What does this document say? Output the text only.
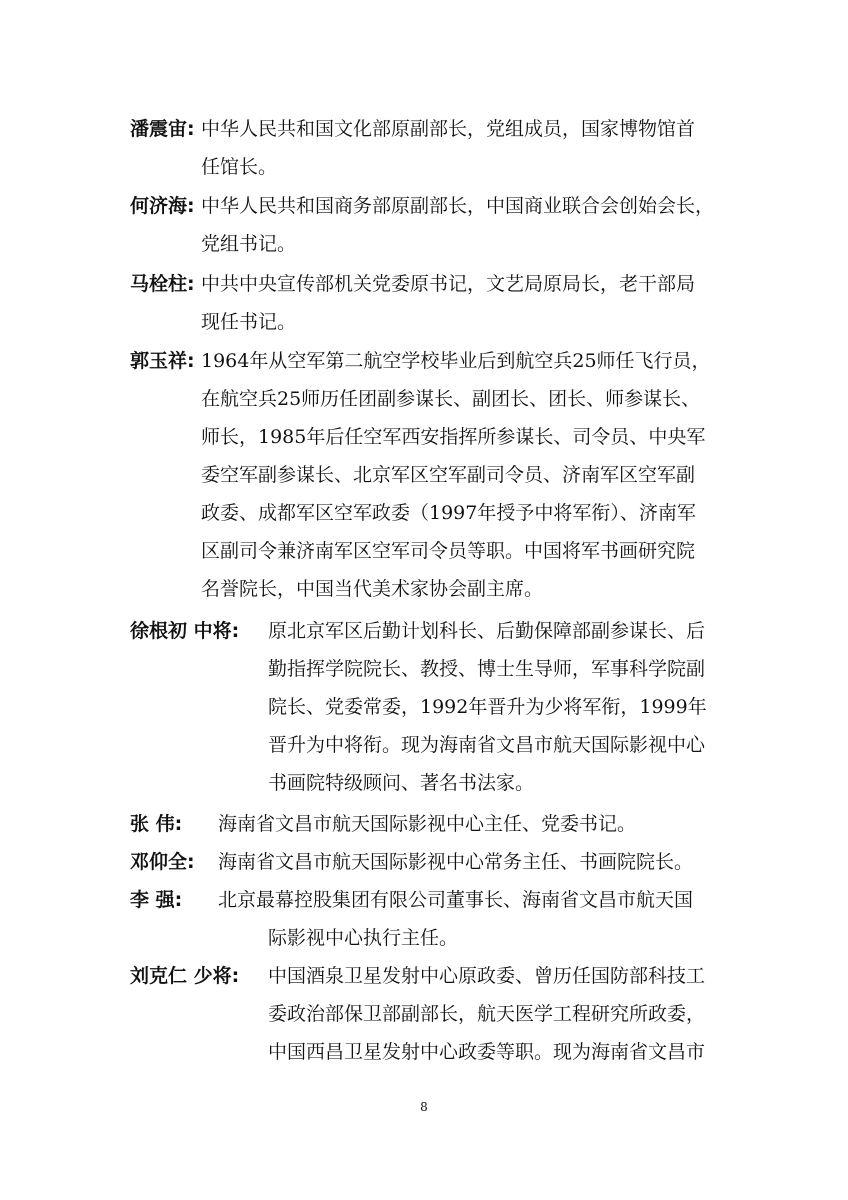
潘震宙: 中华人民共和国文化部原副部长，党组成员，国家博物馆首
任馆长。
何济海: 中华人民共和国商务部原副部长，中国商业联合会创始会长，
党组书记。
马栓柱: 中共中央宣传部机关党委原书记，文艺局原局长，老干部局
现任书记。
郭玉祥: 1964年从空军第二航空学校毕业后到航空兵25师任飞行员，
在航空兵25师历任团副参谋长、副团长、团长、师参谋长、
师长，1985年后任空军西安指挥所参谋长、司令员、中央军
委空军副参谋长、北京军区空军副司令员、济南军区空军副
政委、成都军区空军政委（1997年授予中将军衔）、济南军
区副司令兼济南军区空军司令员等职。中国将军书画研究院
名誉院长，中国当代美术家协会副主席。
徐根初 中将: 原北京军区后勤计划科长、后勤保障部副参谋长、后
勤指挥学院院长、教授、博士生导师，军事科学院副
院长、党委常委，1992年晋升为少将军衔，1999年
晋升为中将衔。现为海南省文昌市航天国际影视中心
书画院特级顾问、著名书法家。
张 伟: 海南省文昌市航天国际影视中心主任、党委书记。
邓仰全: 海南省文昌市航天国际影视中心常务主任、书画院院长。
李 强: 北京最幕控股集团有限公司董事长、海南省文昌市航天国
际影视中心执行主任。
刘克仁 少将: 中国酒泉卫星发射中心原政委、曾历任国防部科技工
委政治部保卫部副部长，航天医学工程研究所政委，
中国西昌卫星发射中心政委等职。现为海南省文昌市
8
